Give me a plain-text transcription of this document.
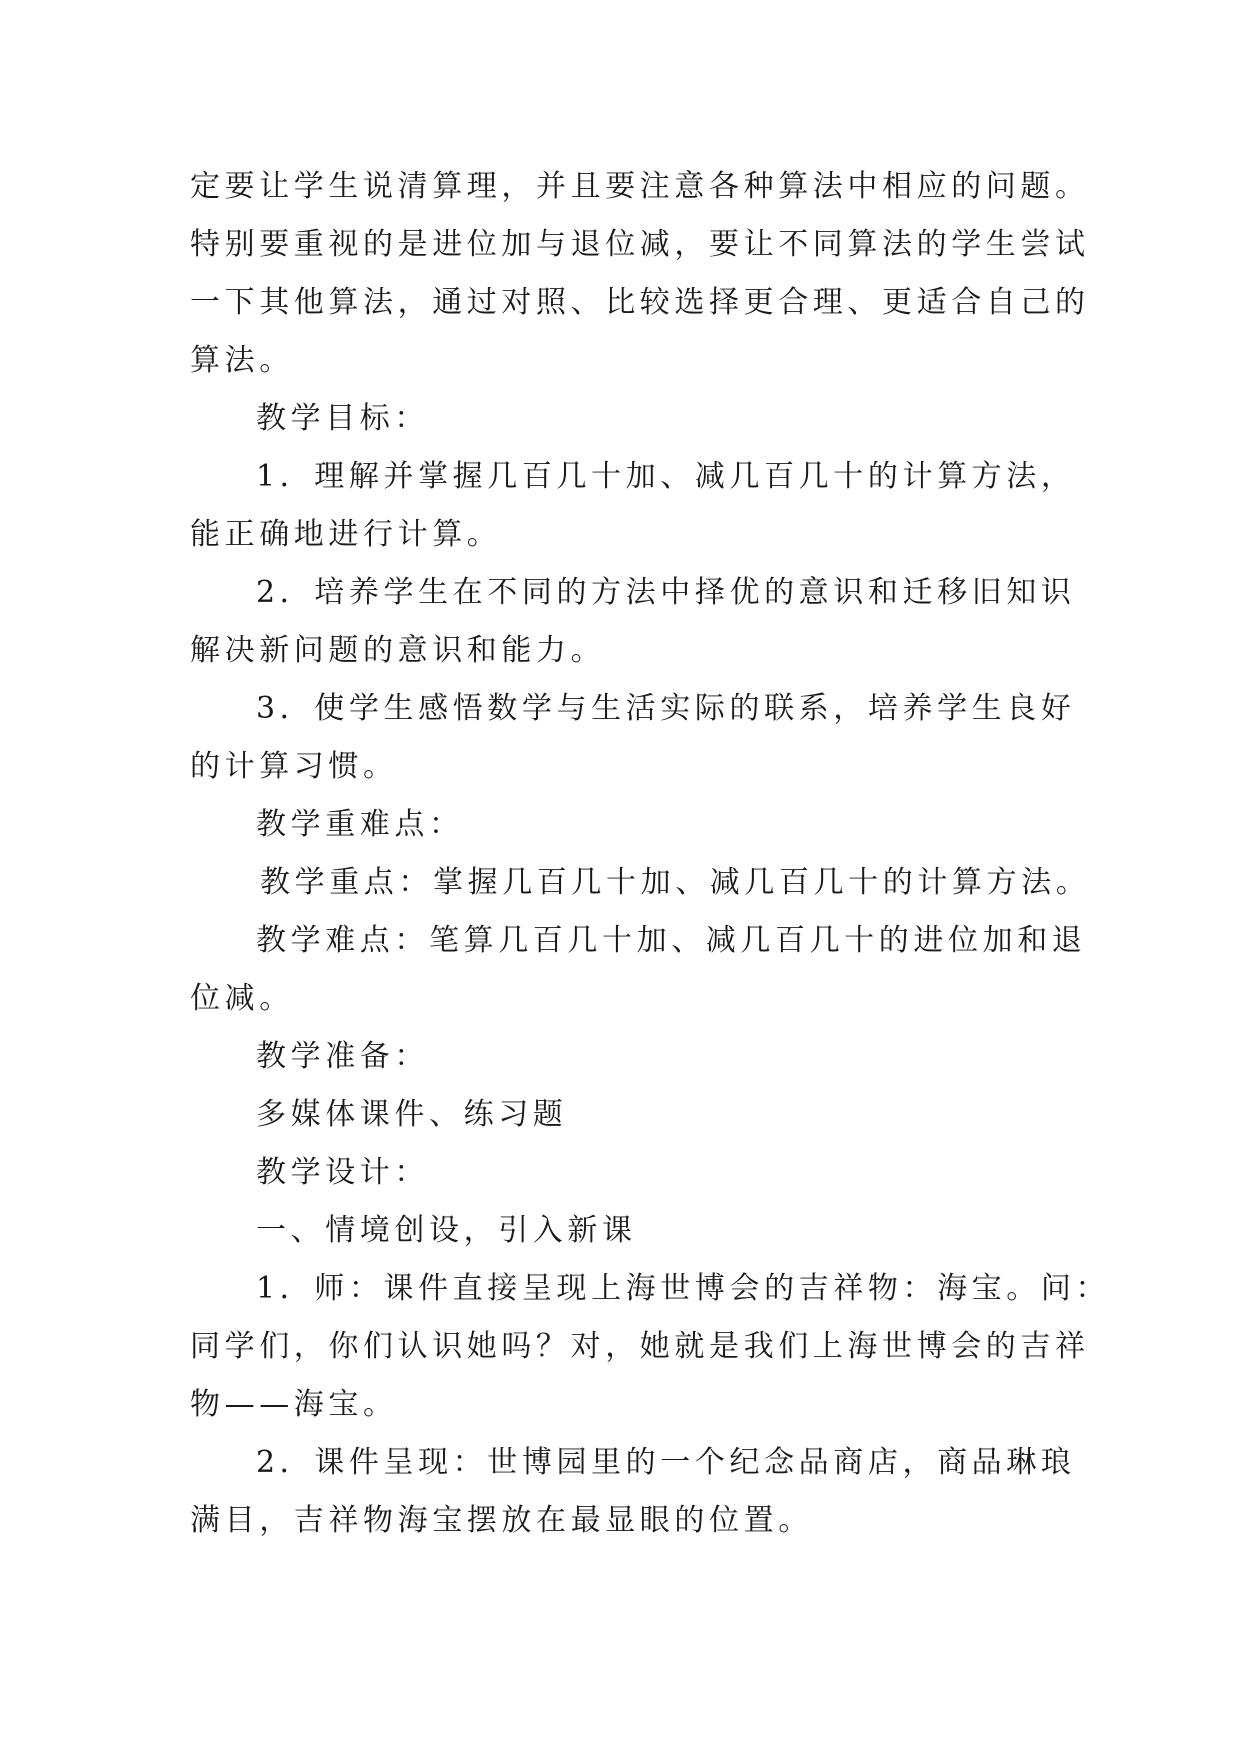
定要让学生说清算理，并且要注意各种算法中相应的问题。

特别要重视的是进位加与退位减，要让不同算法的学生尝试

一下其他算法，通过对照、比较选择更合理、更适合自己的

算法。

教学目标：

1．理解并掌握几百几十加、减几百几十的计算方法，

能正确地进行计算。

2．培养学生在不同的方法中择优的意识和迁移旧知识

解决新问题的意识和能力。

3．使学生感悟数学与生活实际的联系，培养学生良好

的计算习惯。

教学重难点：

教学重点：掌握几百几十加、减几百几十的计算方法。

教学难点：笔算几百几十加、减几百几十的进位加和退

位减。

教学准备：

多媒体课件、练习题

教学设计：

一、情境创设，引入新课

1．师：课件直接呈现上海世博会的吉祥物：海宝。问：

同学们，你们认识她吗？对，她就是我们上海世博会的吉祥

物——海宝。

2．课件呈现：世博园里的一个纪念品商店，商品琳琅

满目，吉祥物海宝摆放在最显眼的位置。
